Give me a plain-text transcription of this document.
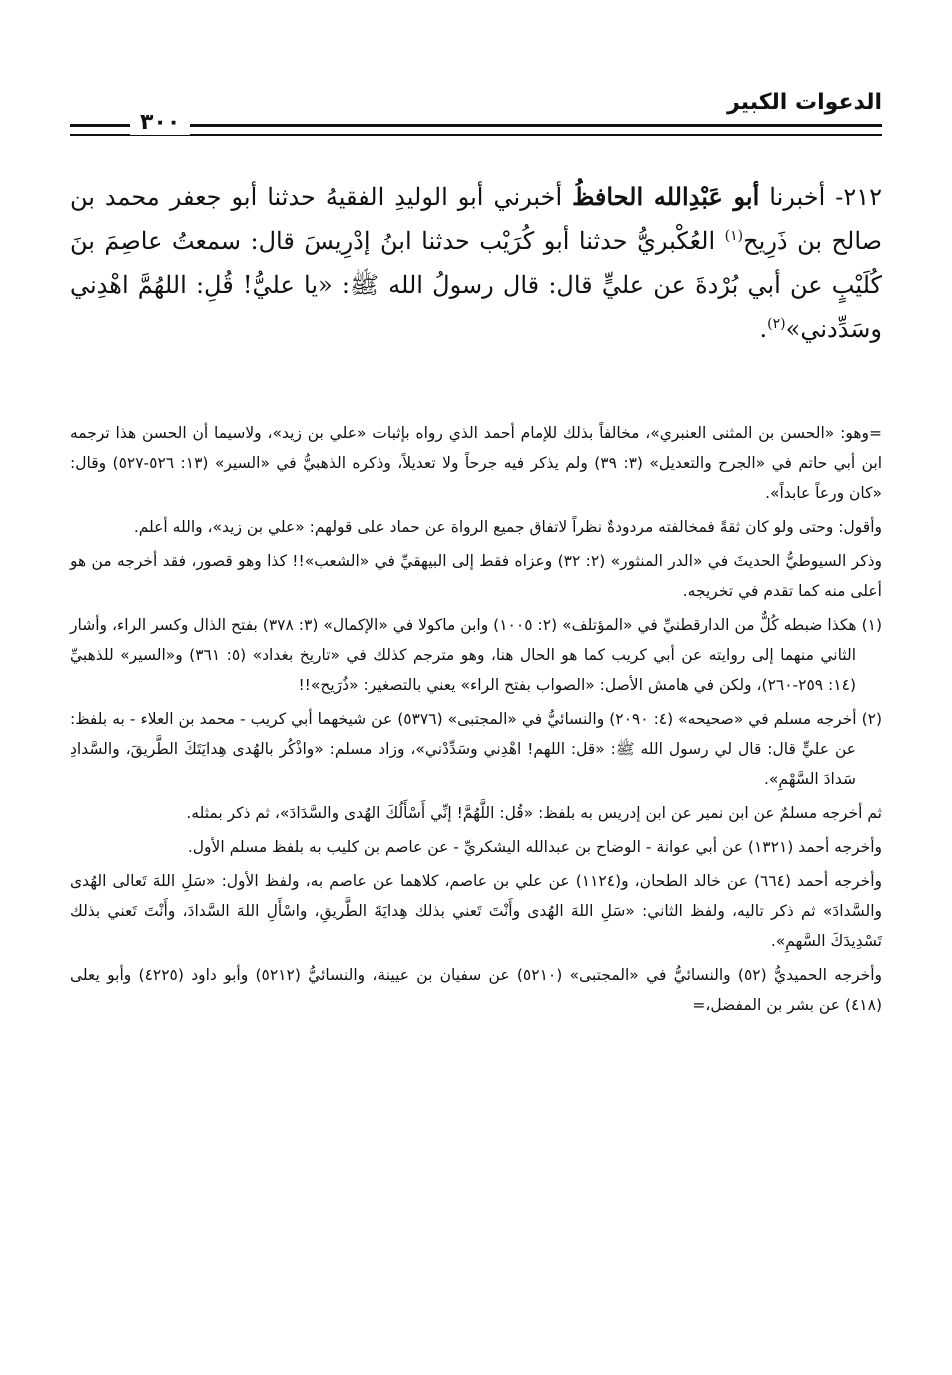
الدعوات الكبير
٣٠٠

٢١٢- أخبرنا أبو عَبْدِالله الحافظُ أخبرني أبو الوليدِ الفقيهُ حدثنا أبو جعفر محمد بن صالح بن ذَرِيح$^{(١)}$ العُكْبريُّ حدثنا أبو كُرَيْب حدثنا ابنُ إدْرِيسَ قال: سمعتُ عاصِمَ بنَ كُلَيْبٍ عن أبي بُرْدةَ عن عليٍّ قال: قال رسولُ الله ﷺ: «يا عليُّ! قُلِ: اللهُمَّ اهْدِني وسَدِّدني»$^{(٢)}$.

=وهو: «الحسن بن المثنى العنبري»، مخالفاً بذلك للإمام أحمد الذي رواه بإثبات «علي بن زيد»، ولاسيما أن الحسن هذا ترجمه ابن أبي حاتم في «الجرح والتعديل» (٣: ٣٩) ولم يذكر فيه جرحاً ولا تعديلاً، وذكره الذهبيُّ في «السير» (١٣: ٥٢٦-٥٢٧) وقال: «كان ورعاً عابداً».

وأقول: وحتى ولو كان ثقةً فمخالفته مردودةٌ نظراً لاتفاق جميع الرواة عن حماد على قولهم: «علي بن زيد»، والله أعلم.

وذكر السيوطيُّ الحديثَ في «الدر المنثور» (٢: ٣٢) وعزاه فقط إلى البيهقيِّ في «الشعب»!! كذا وهو قصور، فقد أخرجه من هو أعلى منه كما تقدم في تخريجه.

(١) هكذا ضبطه كُلٌّ من الدارقطنيِّ في «المؤتلف» (٢: ١٠٠٥) وابن ماكولا في «الإكمال» (٣: ٣٧٨) بفتح الذال وكسر الراء، وأشار الثاني منهما إلى روايته عن أبي كريب كما هو الحال هنا، وهو مترجم كذلك في «تاريخ بغداد» (٥: ٣٦١) و«السير» للذهبيِّ (١٤: ٢٥٩-٢٦٠)، ولكن في هامش الأصل: «الصواب بفتح الراء» يعني بالتصغير: «ذُرَيح»!!

(٢) أخرجه مسلم في «صحيحه» (٤: ٢٠٩٠) والنسائيُّ في «المجتبى» (٥٣٧٦) عن شيخهما أبي كريب - محمد بن العلاء - به بلفظ: عن عليٍّ قال: قال لي رسول الله ﷺ: «قل: اللهم! اهْدِني وسَدِّدْني»، وزاد مسلم: «واذْكُر بالهُدى هِدايَتَكَ الطَّريقَ، والسَّدادِ سَدادَ السَّهْمِ».

ثم أخرجه مسلمٌ عن ابن نمير عن ابن إدريس به بلفظ: «قُل: اللَّهُمَّ! إنِّي أَسْأَلُكَ الهُدى والسَّدَادَ»، ثم ذكر بمثله.

وأخرجه أحمد (١٣٢١) عن أبي عوانة - الوضاح بن عبدالله اليشكريِّ - عن عاصم بن كليب به بلفظ مسلم الأول.

وأخرجه أحمد (٦٦٤) عن خالد الطحان، و(١١٢٤) عن علي بن عاصم، كلاهما عن عاصم به، ولفظ الأول: «سَلِ اللهَ تَعالى الهُدى والسَّدادَ» ثم ذكر تاليه، ولفظ الثاني: «سَلِ اللهَ الهُدى وأَنْتَ تَعني بذلك هِدايَةَ الطَّريقِ، واسْأَلِ اللهَ السَّدادَ، وأَنْتَ تَعني بذلك تَسْدِيدَكَ السَّهمِ».

وأخرجه الحميديُّ (٥٢) والنسائيُّ في «المجتبى» (٥٢١٠) عن سفيان بن عيينة، والنسائيُّ (٥٢١٢) وأبو داود (٤٢٢٥) وأبو يعلى (٤١٨) عن بشر بن المفضل،=
